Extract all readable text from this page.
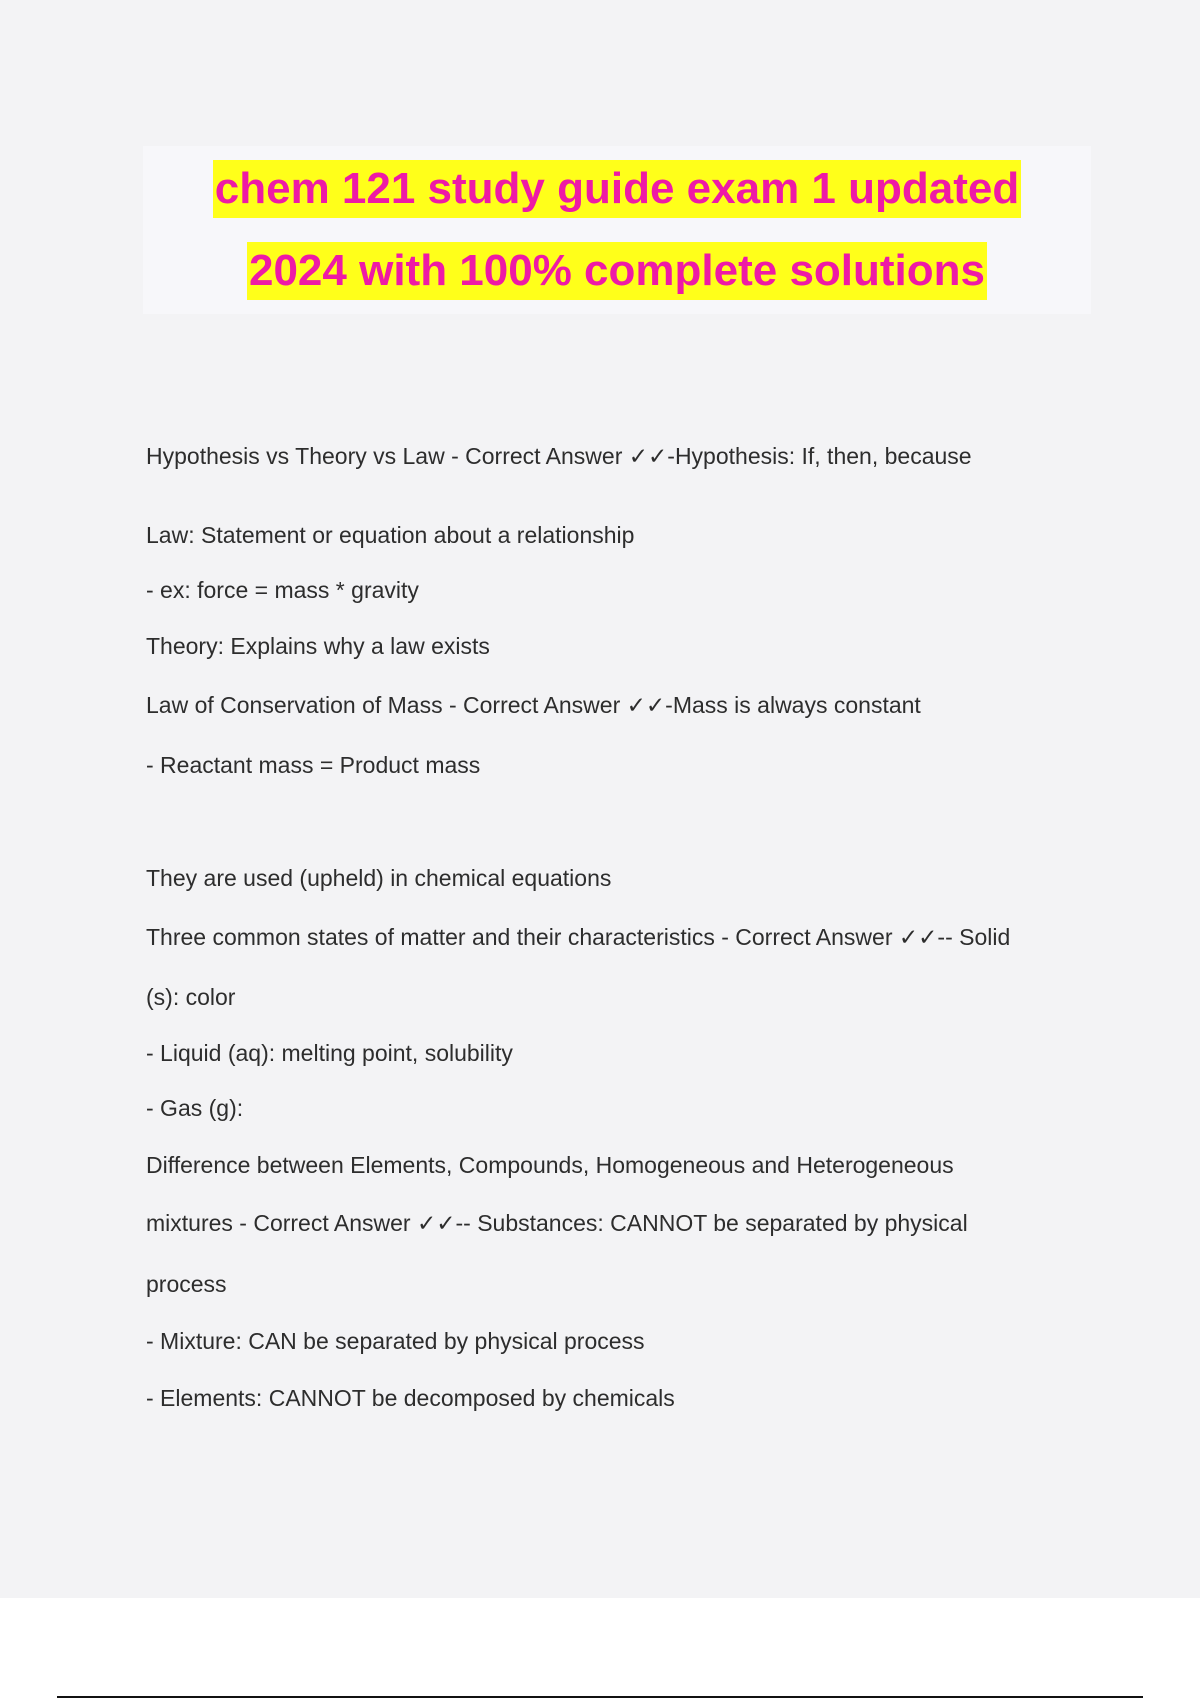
chem 121 study guide exam 1 updated
2024 with 100% complete solutions
Hypothesis vs Theory vs Law - Correct Answer ✓✓-Hypothesis: If, then, because
Law: Statement or equation about a relationship
- ex: force = mass * gravity
Theory: Explains why a law exists
Law of Conservation of Mass - Correct Answer ✓✓-Mass is always constant
- Reactant mass = Product mass
They are used (upheld) in chemical equations
Three common states of matter and their characteristics - Correct Answer ✓✓-- Solid
(s): color
- Liquid (aq): melting point, solubility
- Gas (g):
Difference between Elements, Compounds, Homogeneous and Heterogeneous
mixtures - Correct Answer ✓✓-- Substances: CANNOT be separated by physical
process
- Mixture: CAN be separated by physical process
- Elements: CANNOT be decomposed by chemicals
